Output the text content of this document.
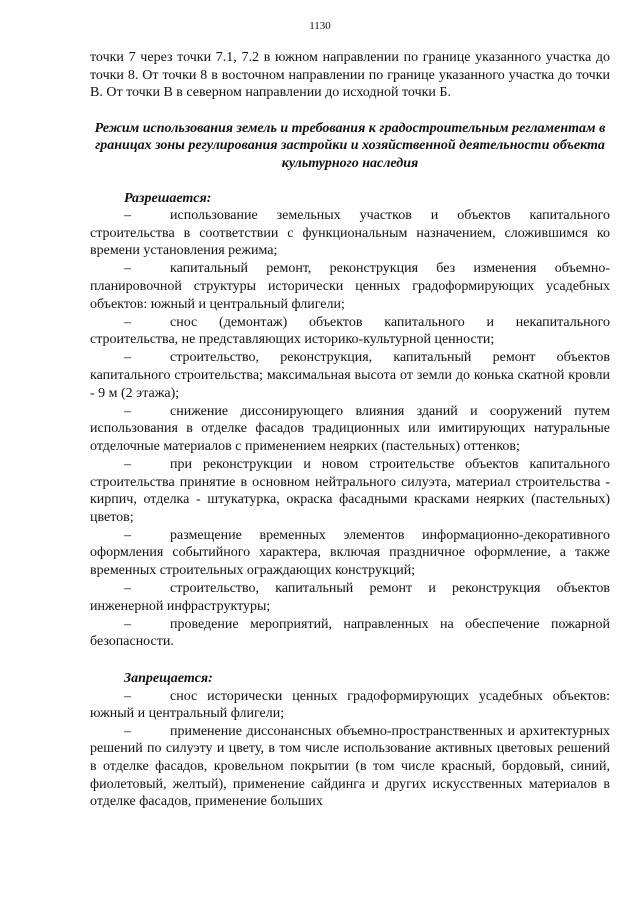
1130

точки 7 через точки 7.1, 7.2 в южном направлении по границе указанного участка до точки 8. От точки 8 в восточном направлении по границе указанного участка до точки В. От точки В в северном направлении до исходной точки Б.

Режим использования земель и требования к градостроительным регламентам в границах зоны регулирования застройки и хозяйственной деятельности объекта культурного наследия

Разрешается:

–	использование земельных участков и объектов капитального строительства в соответствии с функциональным назначением, сложившимся ко времени установления режима;
–	капитальный ремонт, реконструкция без изменения объемно-планировочной структуры исторически ценных градоформирующих усадебных объектов: южный и центральный флигели;
–	снос (демонтаж) объектов капитального и некапитального строительства, не представляющих историко-культурной ценности;
–	строительство, реконструкция, капитальный ремонт объектов капитального строительства; максимальная высота от земли до конька скатной кровли - 9 м (2 этажа);
–	снижение диссонирующего влияния зданий и сооружений путем использования в отделке фасадов традиционных или имитирующих натуральные отделочные материалов с применением неярких (пастельных) оттенков;
–	при реконструкции и новом строительстве объектов капитального строительства принятие в основном нейтрального силуэта, материал строительства - кирпич, отделка - штукатурка, окраска фасадными красками неярких (пастельных) цветов;
–	размещение временных элементов информационно-декоративного оформления событийного характера, включая праздничное оформление, а также временных строительных ограждающих конструкций;
–	строительство, капитальный ремонт и реконструкция объектов инженерной инфраструктуры;
–	проведение мероприятий, направленных на обеспечение пожарной безопасности.

Запрещается:

–	снос исторически ценных градоформирующих усадебных объектов: южный и центральный флигели;
–	применение диссонансных объемно-пространственных и архитектурных решений по силуэту и цвету, в том числе использование активных цветовых решений в отделке фасадов, кровельном покрытии (в том числе красный, бордовый, синий, фиолетовый, желтый), применение сайдинга и других искусственных материалов в отделке фасадов, применение больших
